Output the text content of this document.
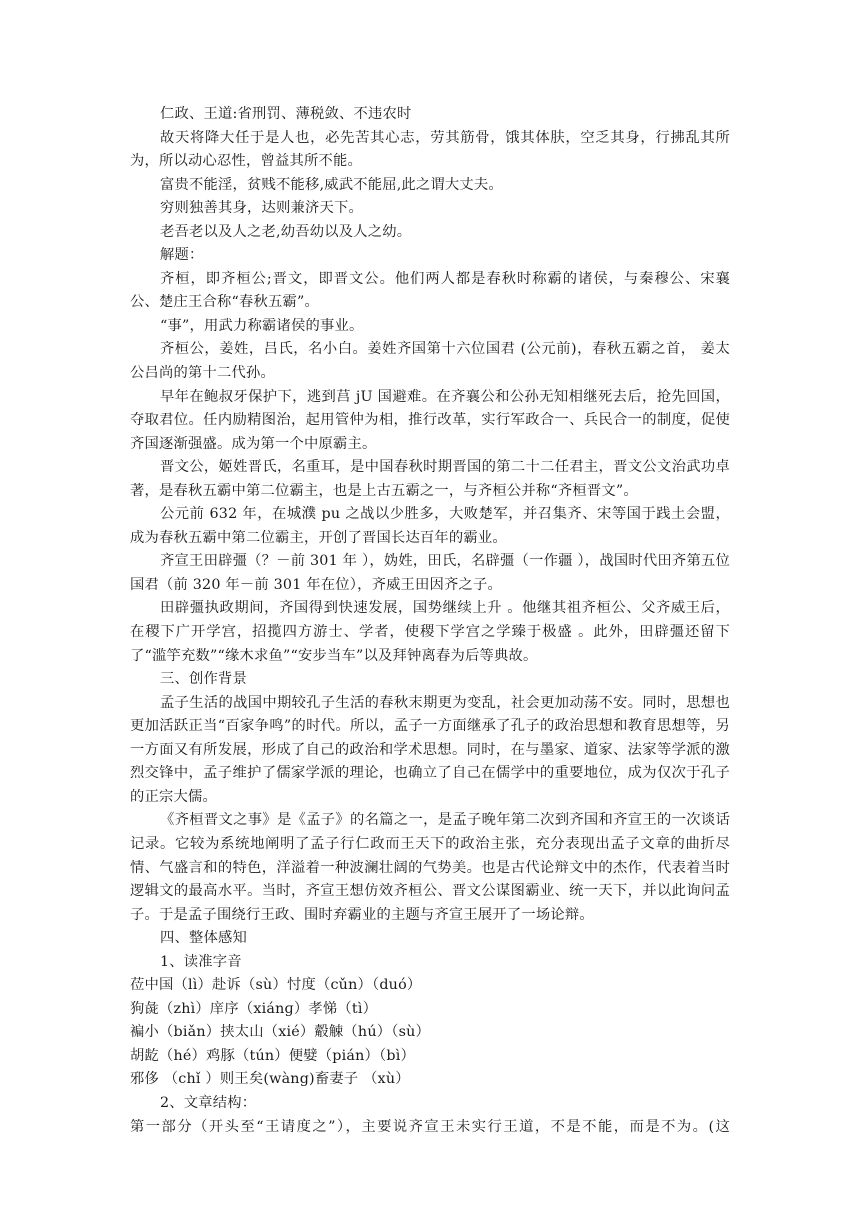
仁政、王道:省刑罚、薄税敛、不违农时

故天将降大任于是人也，必先苦其心志，劳其筋骨，饿其体肤，空乏其身，行拂乱其所为，所以动心忍性，曾益其所不能。

富贵不能淫，贫贱不能移,威武不能屈,此之谓大丈夫。

穷则独善其身，达则兼济天下。

老吾老以及人之老,幼吾幼以及人之幼。

解题：

齐桓，即齐桓公;晋文，即晋文公。他们两人都是春秋时称霸的诸侯，与秦穆公、宋襄公、楚庄王合称“春秋五霸”。

“事”，用武力称霸诸侯的事业。

齐桓公，姜姓，吕氏，名小白。姜姓齐国第十六位国君 (公元前)，春秋五霸之首， 姜太公吕尚的第十二代孙。

早年在鲍叔牙保护下，逃到莒 jU 国避难。在齐襄公和公孙无知相继死去后，抢先回国，夺取君位。任内励精图治，起用管仲为相，推行改革，实行军政合一、兵民合一的制度，促使齐国逐渐强盛。成为第一个中原霸主。

晋文公，姬姓晋氏，名重耳，是中国春秋时期晋国的第二十二任君主，晋文公文治武功卓著，是春秋五霸中第二位霸主，也是上古五霸之一，与齐桓公并称“齐桓晋文”。

公元前 632 年，在城濮 pu 之战以少胜多，大败楚军，并召集齐、宋等国于践土会盟，成为春秋五霸中第二位霸主，开创了晋国长达百年的霸业。

齐宣王田辟彊（？－前 301 年 ），妫姓，田氏，名辟彊（一作疆 ），战国时代田齐第五位国君（前 320 年－前 301 年在位），齐威王田因齐之子。

田辟彊执政期间，齐国得到快速发展，国势继续上升 。他继其祖齐桓公、父齐威王后，在稷下广开学宫，招揽四方游士、学者，使稷下学宫之学臻于极盛 。此外，田辟彊还留下了“滥竽充数”“缘木求鱼”“安步当车”以及拜钟离春为后等典故。

三、创作背景

孟子生活的战国中期较孔子生活的春秋末期更为变乱，社会更加动荡不安。同时，思想也更加活跃正当“百家争鸣”的时代。所以，孟子一方面继承了孔子的政治思想和教育思想等，另一方面又有所发展，形成了自己的政治和学术思想。同时，在与墨家、道家、法家等学派的激烈交锋中，孟子维护了儒家学派的理论，也确立了自己在儒学中的重要地位，成为仅次于孔子的正宗大儒。

《齐桓晋文之事》是《孟子》的名篇之一，是孟子晚年第二次到齐国和齐宣王的一次谈话记录。它较为系统地阐明了孟子行仁政而王天下的政治主张，充分表现出孟子文章的曲折尽情、气盛言和的特色，洋溢着一种波澜壮阔的气势美。也是古代论辩文中的杰作，代表着当时逻辑文的最高水平。当时，齐宣王想仿效齐桓公、晋文公谋图霸业、统一天下，并以此询问孟子。于是孟子围绕行王政、围时弃霸业的主题与齐宣王展开了一场论辩。

四、整体感知

1、读准字音

莅中国（lì）赴诉（sù）忖度（cǔn）（duó）

狗彘（zhì）庠序（xiánɡ）孝悌（tì）

褊小（biǎn）挟太山（xié）觳觫（hú）（sù）

胡龁（hé）鸡豚（tún）便嬖（pián）（bì）

邪侈 （chǐ ）则王矣(wàng)畜妻子 （xù）

2、文章结构：

第一部分（开头至“王请度之”），主要说齐宣王未实行王道，不是不能，而是不为。(这
